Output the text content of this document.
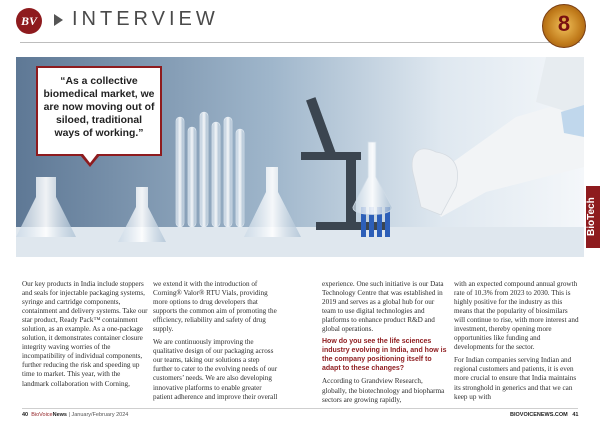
BV INTERVIEW	8
“As a collective biomedical market, we are now moving out of siloed, traditional ways of working.”
BioTech

Our key products in India include stoppers and seals for injectable packaging systems, syringe and cartridge components, containment and delivery systems. Take our star product, Ready Pack™ containment solution, as an example. As a one-package solution, it demonstrates container closure integrity waving worries of the incompatibility of individual components, further reducing the risk and speeding up time to market. This year, with the landmark collaboration with Corning,

we extend it with the introduction of Corning® Valor® RTU Vials, providing more options to drug developers that supports the common aim of promoting the efficiency, reliability and safety of drug supply.

We are continuously improving the qualitative design of our packaging across our teams, taking our solutions a step further to cater to the evolving needs of our customers’ needs. We are also developing innovative platforms to enable greater patient adherence and improve their overall

experience. One such initiative is our Data Technology Centre that was established in 2019 and serves as a global hub for our team to use digital technologies and platforms to enhance product R&D and global operations.

How do you see the life sciences industry evolving in India, and how is the company positioning itself to adapt to these changes?

According to Grandview Research, globally, the biotechnology and biopharma sectors are growing rapidly,

with an expected compound annual growth rate of 10.3% from 2023 to 2030. This is highly positive for the industry as this means that the popularity of biosimilars will continue to rise, with more interest and investment, thereby opening more opportunities like funding and developments for the sector.

For Indian companies serving Indian and regional customers and patients, it is even more crucial to ensure that India maintains its stronghold in generics and that we can keep up with

40 BioVoiceNews | January/February 2024	BIOVOICENEWS.COM 41
